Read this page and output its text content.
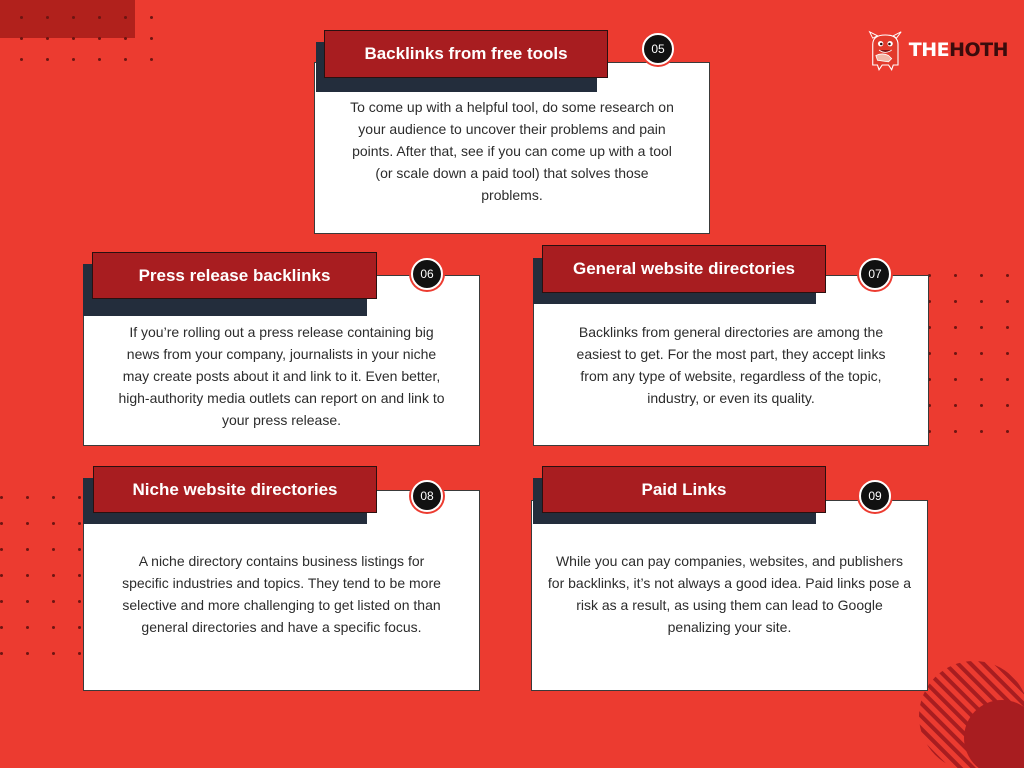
THEHOTH
To come up with a helpful tool, do some research on your audience to uncover their problems and pain points. After that, see if you can come up with a tool (or scale down a paid tool) that solves those problems.
Backlinks from free tools	05
If you’re rolling out a press release containing big news from your company, journalists in your niche may create posts about it and link to it. Even better, high-authority media outlets can report on and link to your press release.
Press release backlinks	06
Backlinks from general directories are among the easiest to get. For the most part, they accept links from any type of website, regardless of the topic, industry, or even its quality.
General website directories	07
A niche directory contains business listings for specific industries and topics. They tend to be more selective and more challenging to get listed on than general directories and have a specific focus.
Niche website directories	08
While you can pay companies, websites, and publishers for backlinks, it’s not always a good idea. Paid links pose a risk as a result, as using them can lead to Google penalizing your site.
Paid Links	09
